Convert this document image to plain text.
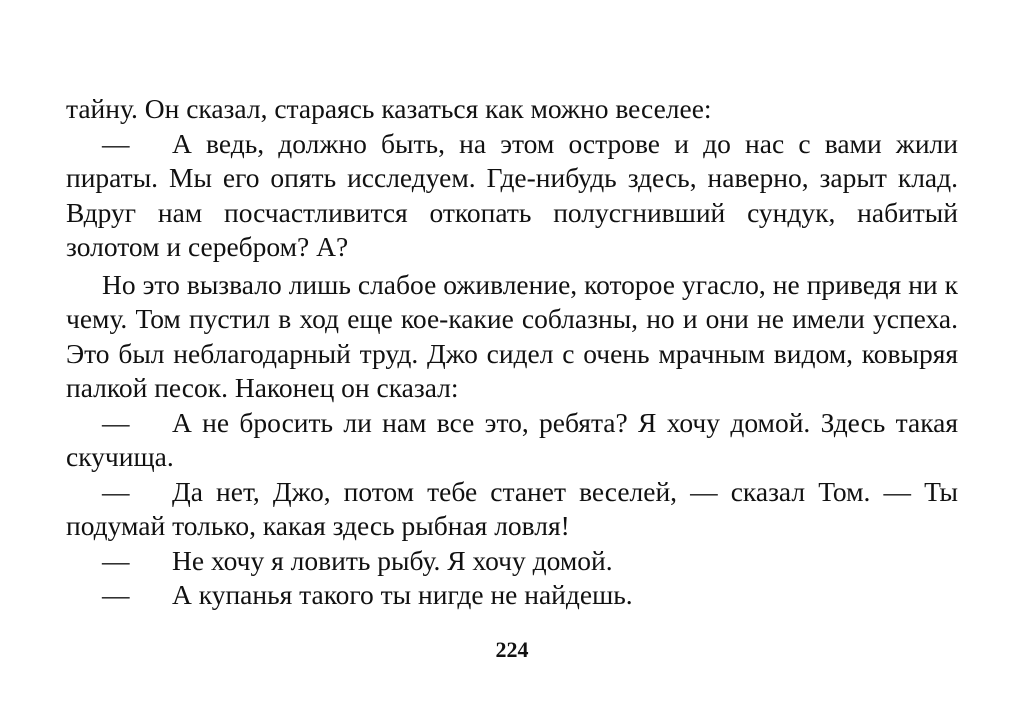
тайну. Он сказал, стараясь казаться как можно веселее:

— А ведь, должно быть, на этом острове и до нас с вами жили пираты. Мы его опять исследуем. Где-нибудь здесь, наверно, зарыт клад. Вдруг нам посчастливится откопать полусгнивший сундук, набитый золотом и серебром? А?

Но это вызвало лишь слабое оживление, которое угасло, не приведя ни к чему. Том пустил в ход еще кое-какие соблазны, но и они не имели успеха. Это был неблагодарный труд. Джо сидел с очень мрачным видом, ковыряя палкой песок. Наконец он сказал:

— А не бросить ли нам все это, ребята? Я хочу домой. Здесь такая скучища.

— Да нет, Джо, потом тебе станет веселей, — сказал Том. — Ты подумай только, какая здесь рыбная ловля!

— Не хочу я ловить рыбу. Я хочу домой.

— А купанья такого ты нигде не найдешь.

224
